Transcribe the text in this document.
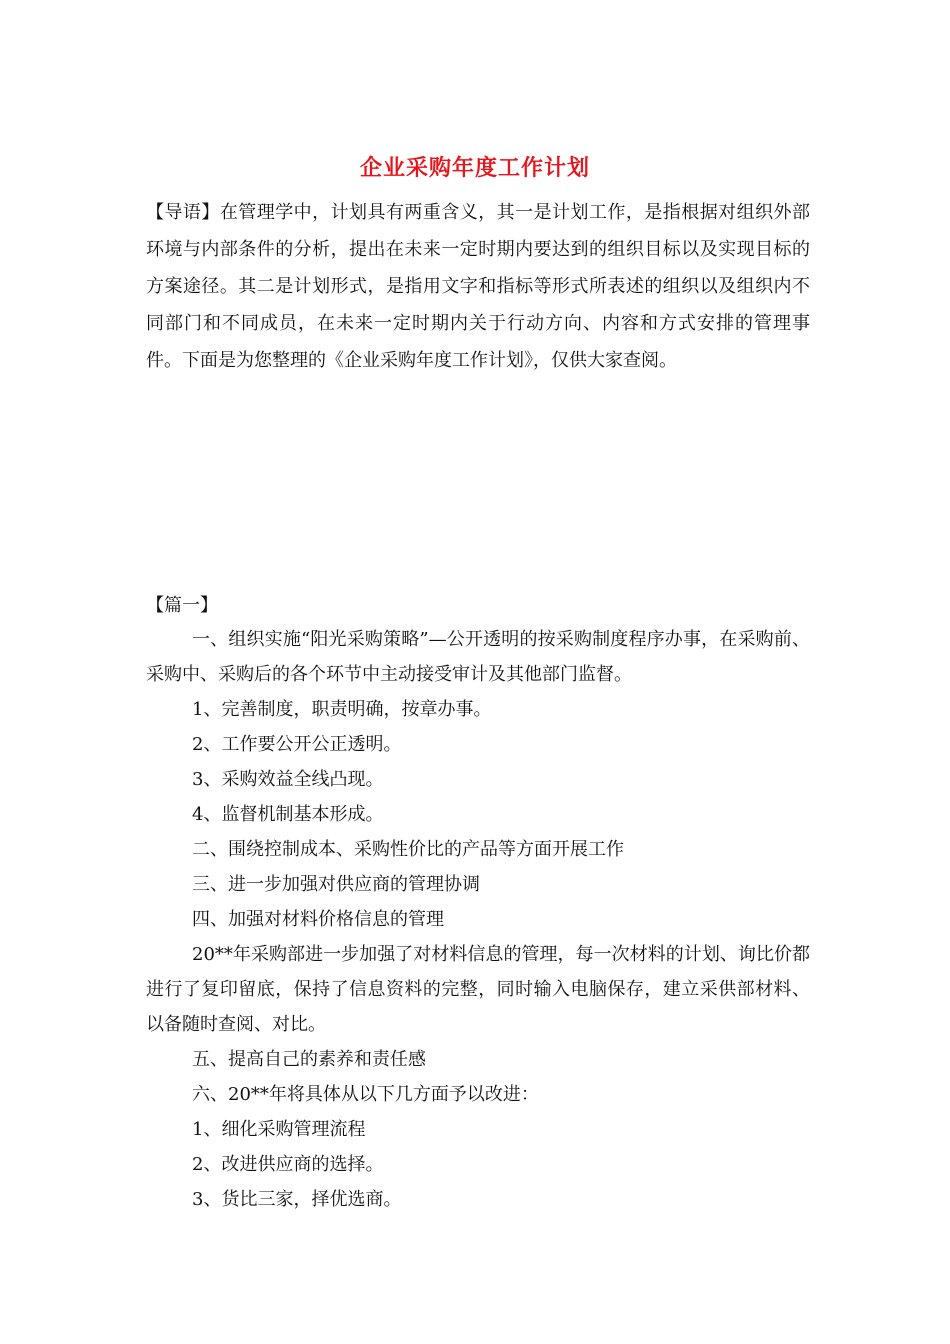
企业采购年度工作计划
【导语】在管理学中，计划具有两重含义，其一是计划工作，是指根据对组织外部环境与内部条件的分析，提出在未来一定时期内要达到的组织目标以及实现目标的方案途径。其二是计划形式，是指用文字和指标等形式所表述的组织以及组织内不同部门和不同成员，在未来一定时期内关于行动方向、内容和方式安排的管理事件。下面是为您整理的《企业采购年度工作计划》，仅供大家查阅。
【篇一】

一、组织实施“阳光采购策略”—公开透明的按采购制度程序办事，在采购前、采购中、采购后的各个环节中主动接受审计及其他部门监督。

1、完善制度，职责明确，按章办事。

2、工作要公开公正透明。

3、采购效益全线凸现。

4、监督机制基本形成。

二、围绕控制成本、采购性价比的产品等方面开展工作

三、进一步加强对供应商的管理协调

四、加强对材料价格信息的管理

20**年采购部进一步加强了对材料信息的管理，每一次材料的计划、询比价都进行了复印留底，保持了信息资料的完整，同时输入电脑保存，建立采供部材料、以备随时查阅、对比。

五、提高自己的素养和责任感

六、20**年将具体从以下几方面予以改进：

1、细化采购管理流程

2、改进供应商的选择。

3、货比三家，择优选商。
